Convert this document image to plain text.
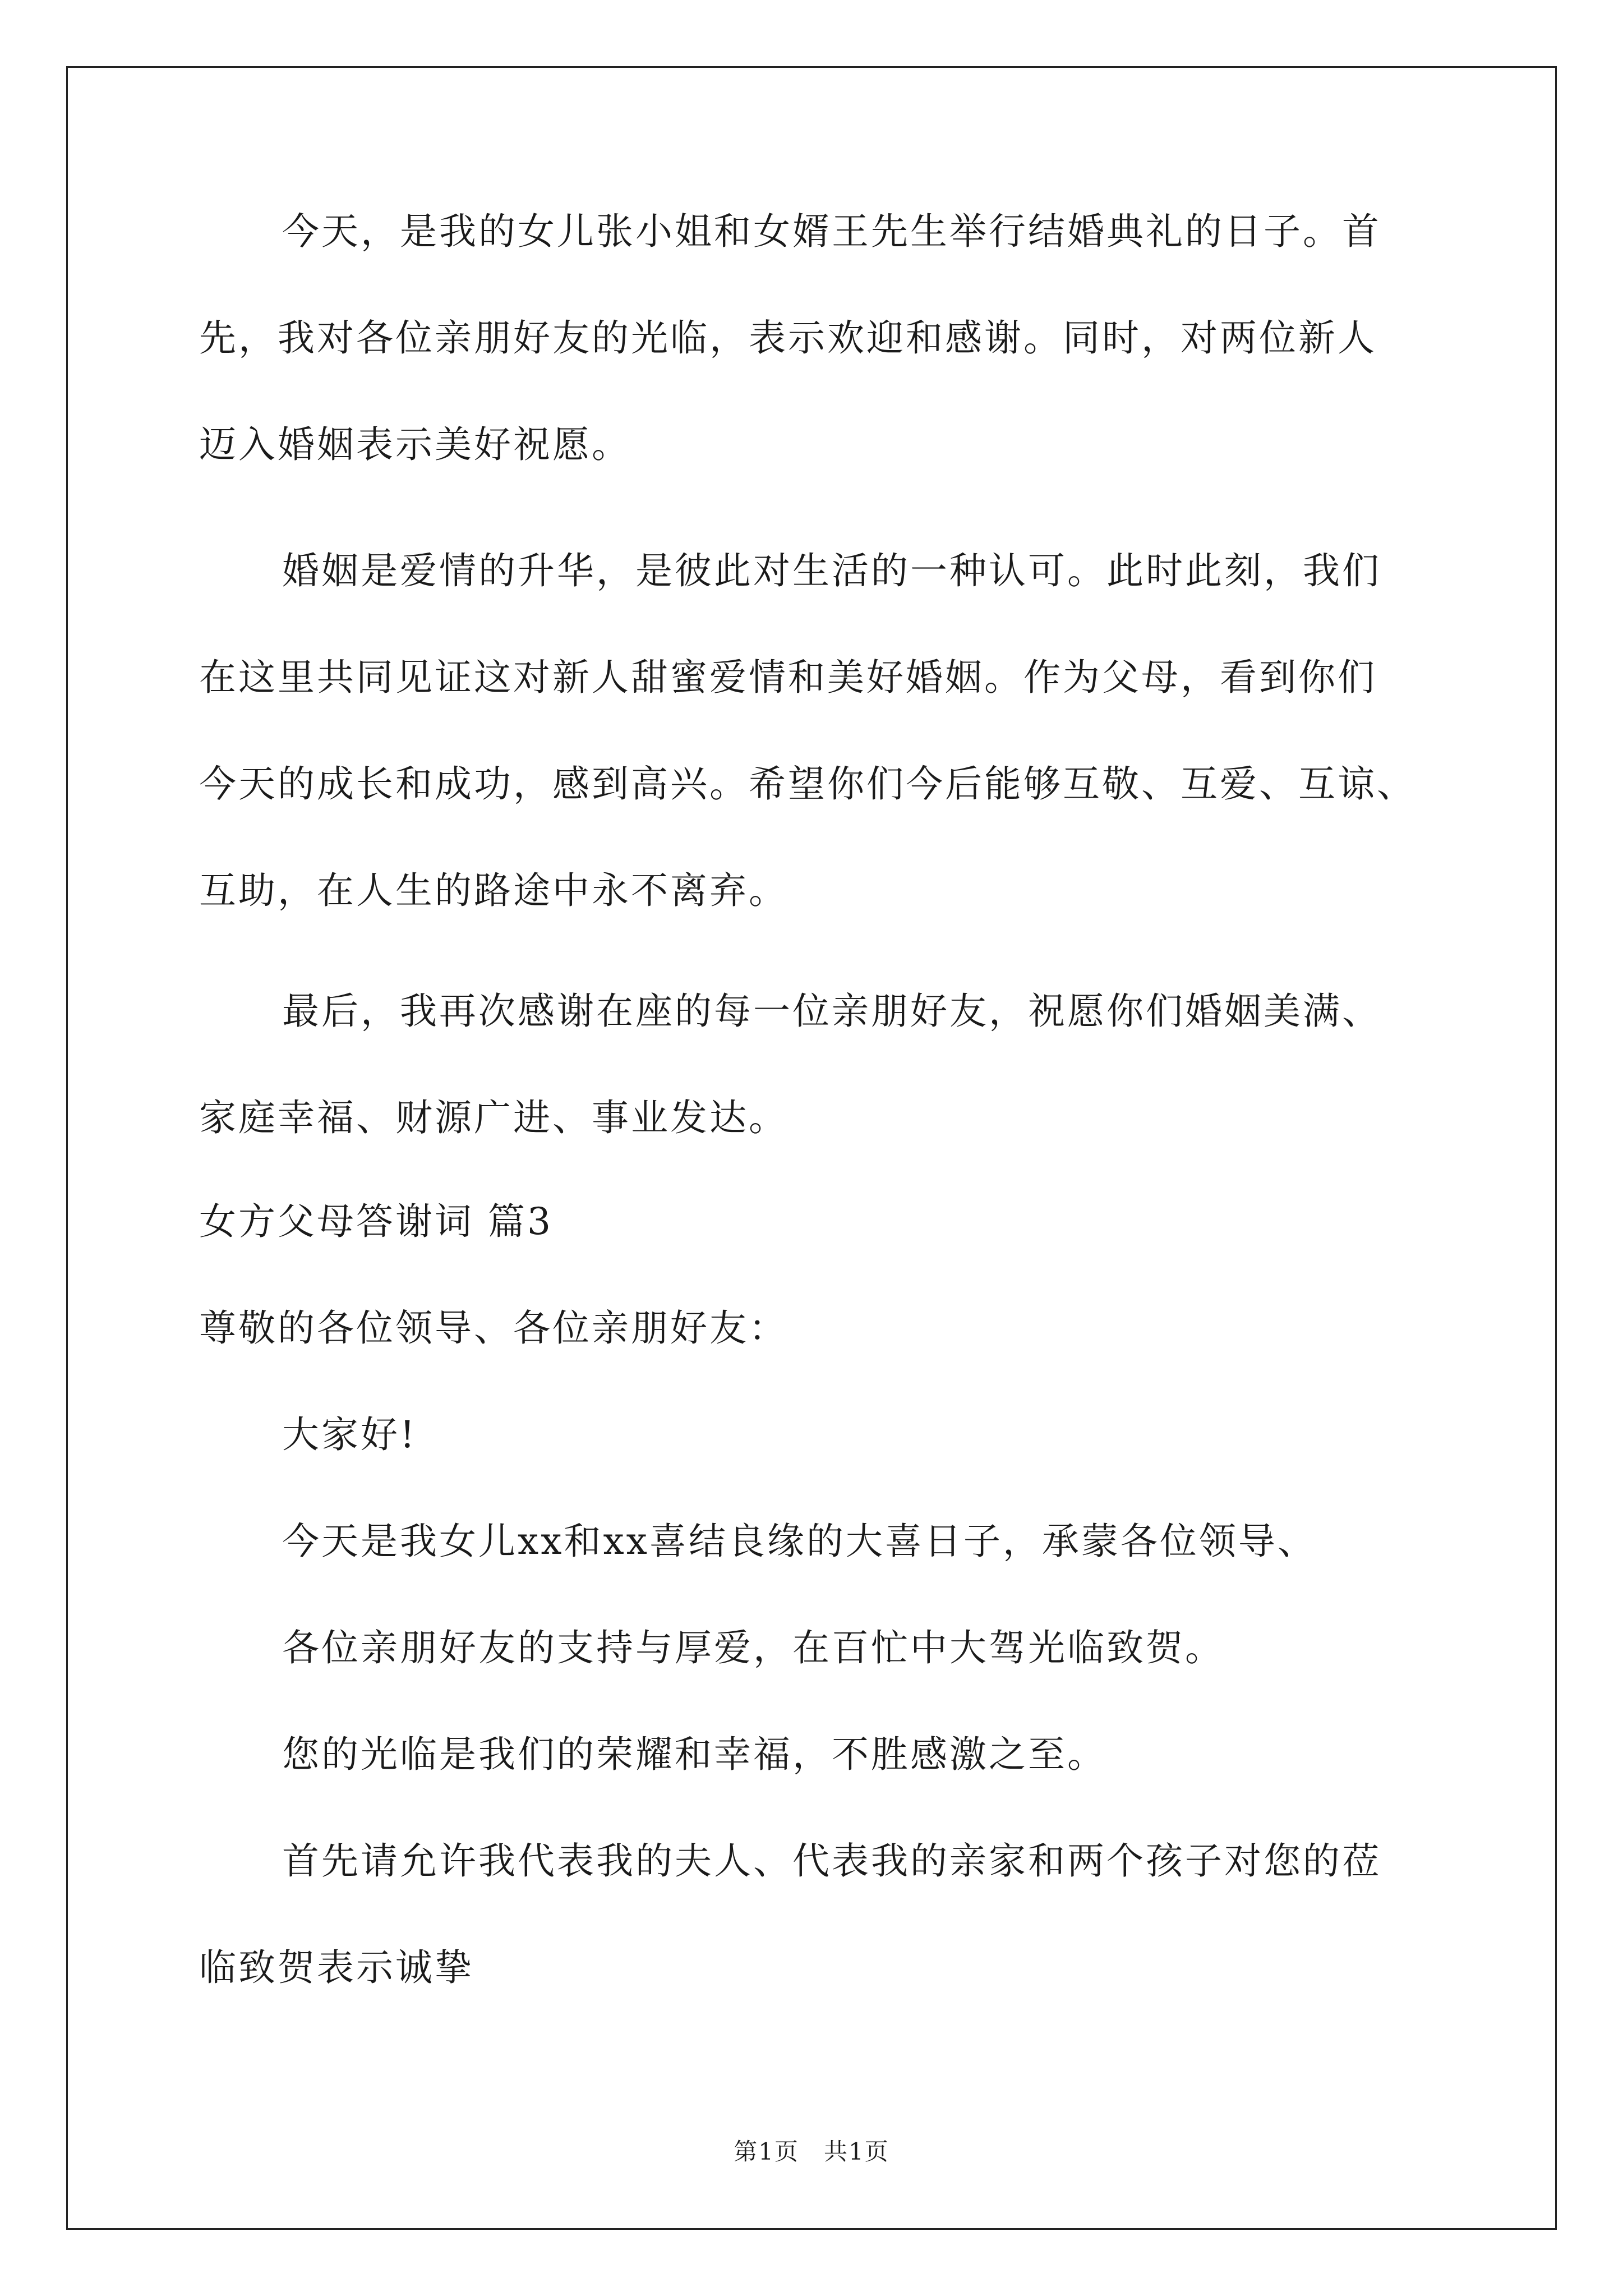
今天，是我的女儿张小姐和女婿王先生举行结婚典礼的日子。首
先，我对各位亲朋好友的光临，表示欢迎和感谢。同时，对两位新人
迈入婚姻表示美好祝愿。
婚姻是爱情的升华，是彼此对生活的一种认可。此时此刻，我们
在这里共同见证这对新人甜蜜爱情和美好婚姻。作为父母，看到你们
今天的成长和成功，感到高兴。希望你们今后能够互敬、互爱、互谅、
互助，在人生的路途中永不离弃。
最后，我再次感谢在座的每一位亲朋好友，祝愿你们婚姻美满、
家庭幸福、财源广进、事业发达。
女方父母答谢词 篇3
尊敬的各位领导、各位亲朋好友：
大家好!
今天是我女儿xx和xx喜结良缘的大喜日子，承蒙各位领导、
各位亲朋好友的支持与厚爱，在百忙中大驾光临致贺。
您的光临是我们的荣耀和幸福，不胜感激之至。
首先请允许我代表我的夫人、代表我的亲家和两个孩子对您的莅
临致贺表示诚挚
第1页　共1页
